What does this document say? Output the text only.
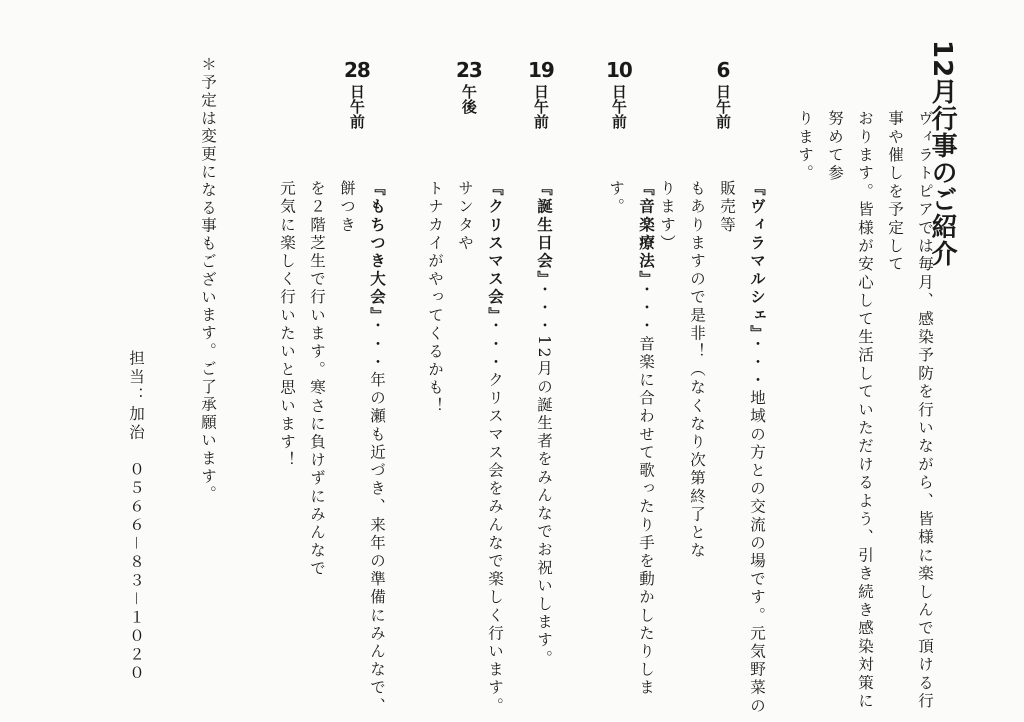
12月行事のご紹介
ヴィラトピアでは毎月、感染予防を行いながら、皆様に楽しんで頂ける行事や催しを予定して
おります。皆様が安心して生活していただけるよう、引き続き感染対策に努めて参
ります。
6
日午前
『ヴィラマルシェ』・・・地域の方との交流の場です。元気野菜の販売等
もありますので是非！（なくなり次第終了とな
ります）
10
日午前
『音楽療法』・・・音楽に合わせて歌ったり手を動かしたりします。
19
日午前
『誕生日会』・・・12月の誕生者をみんなでお祝いします。
23
午後
『クリスマス会』・・・クリスマス会をみんなで楽しく行います。サンタや
トナカイがやってくるかも！
28
日午前
『もちつき大会』・・・年の瀬も近づき、来年の準備にみんなで、餅つき
を２階芝生で行います。寒さに負けずにみんなで
元気に楽しく行いたいと思います！
＊予定は変更になる事もございます。ご了承願います。
担当：加治　０５６６－８３－１０２０
